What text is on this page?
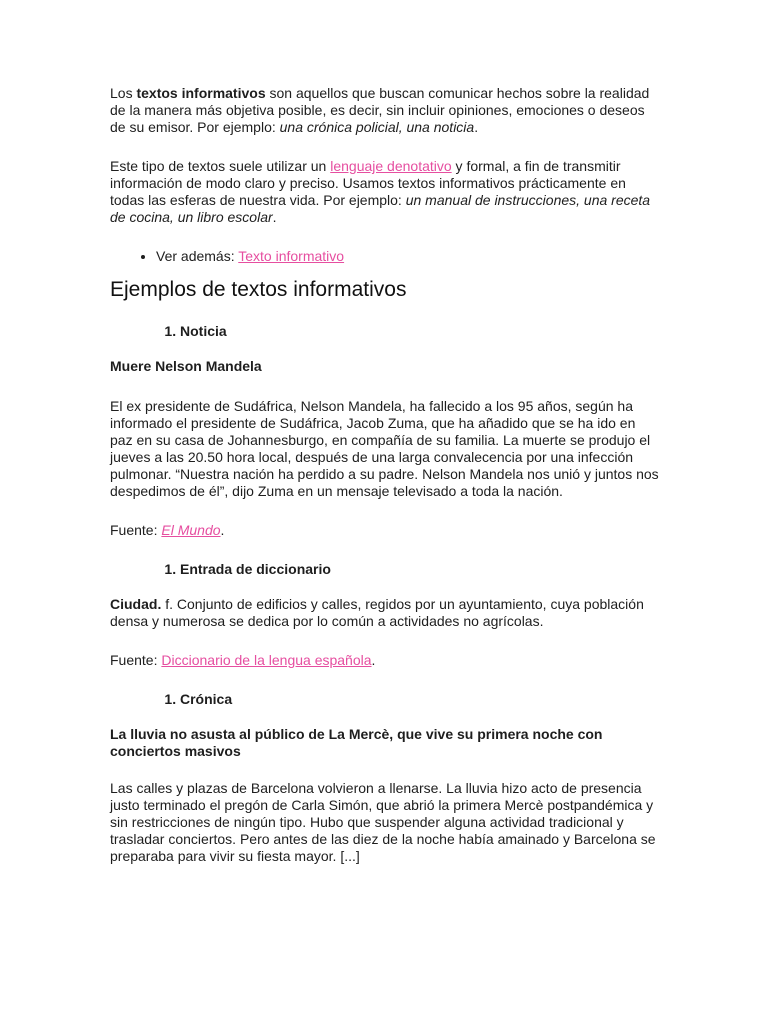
Los textos informativos son aquellos que buscan comunicar hechos sobre la realidad de la manera más objetiva posible, es decir, sin incluir opiniones, emociones o deseos de su emisor. Por ejemplo: una crónica policial, una noticia.

Este tipo de textos suele utilizar un lenguaje denotativo y formal, a fin de transmitir información de modo claro y preciso. Usamos textos informativos prácticamente en todas las esferas de nuestra vida. Por ejemplo: un manual de instrucciones, una receta de cocina, un libro escolar.

• Ver además: Texto informativo
Ejemplos de textos informativos
1. Noticia
Muere Nelson Mandela

El ex presidente de Sudáfrica, Nelson Mandela, ha fallecido a los 95 años, según ha informado el presidente de Sudáfrica, Jacob Zuma, que ha añadido que se ha ido en paz en su casa de Johannesburgo, en compañía de su familia. La muerte se produjo el jueves a las 20.50 hora local, después de una larga convalecencia por una infección pulmonar. “Nuestra nación ha perdido a su padre. Nelson Mandela nos unió y juntos nos despedimos de él”, dijo Zuma en un mensaje televisado a toda la nación.

Fuente: El Mundo.

1. Entrada de diccionario

Ciudad. f. Conjunto de edificios y calles, regidos por un ayuntamiento, cuya población densa y numerosa se dedica por lo común a actividades no agrícolas.

Fuente: Diccionario de la lengua española.

1. Crónica
La lluvia no asusta al público de La Mercè, que vive su primera noche con conciertos masivos

Las calles y plazas de Barcelona volvieron a llenarse. La lluvia hizo acto de presencia justo terminado el pregón de Carla Simón, que abrió la primera Mercè postpandémica y sin restricciones de ningún tipo. Hubo que suspender alguna actividad tradicional y trasladar conciertos. Pero antes de las diez de la noche había amainado y Barcelona se preparaba para vivir su fiesta mayor. [...]
